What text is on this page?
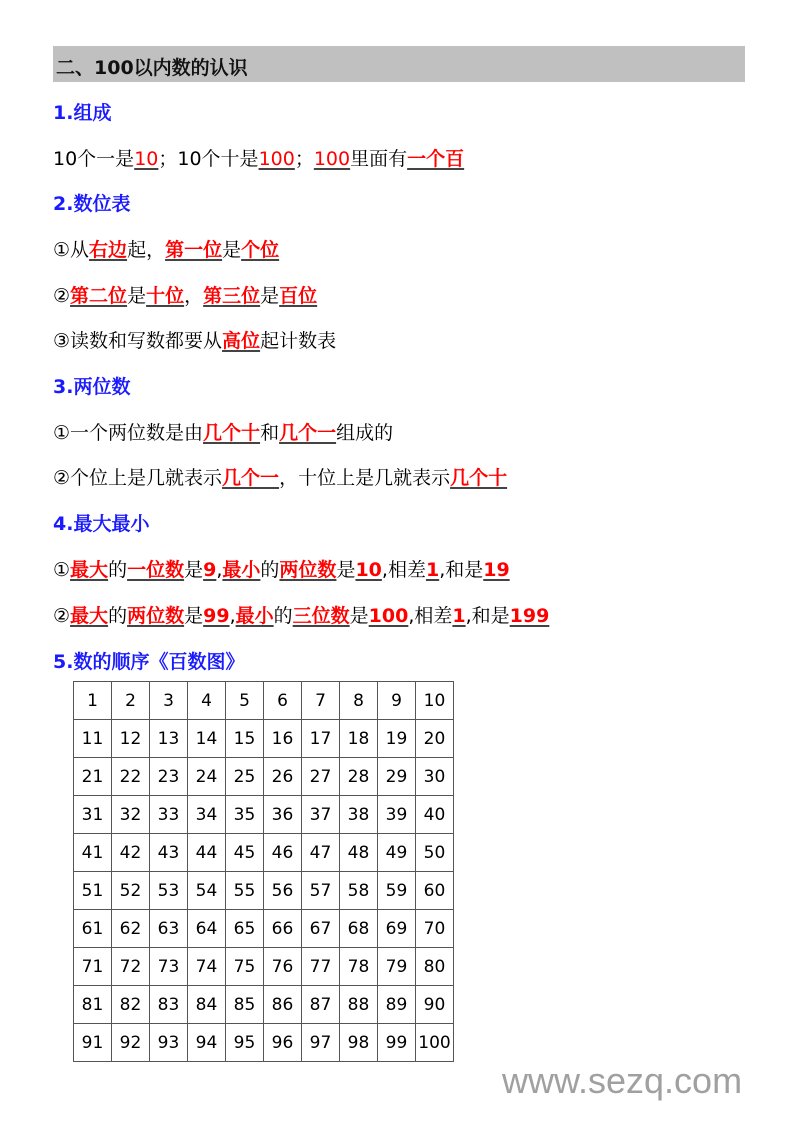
二、100以内数的认识
1.组成
10个一是10；10个十是100；100里面有一个百
2.数位表
①从右边起，第一位是个位
②第二位是十位，第三位是百位
③读数和写数都要从高位起计数表
3.两位数
①一个两位数是由几个十和几个一组成的
②个位上是几就表示几个一，十位上是几就表示几个十
4.最大最小
①最大的一位数是9,最小的两位数是10,相差1,和是19
②最大的两位数是99,最小的三位数是100,相差1,和是199
5.数的顺序《百数图》
1	2	3	4	5	6	7	8	9	10
11	12	13	14	15	16	17	18	19	20
21	22	23	24	25	26	27	28	29	30
31	32	33	34	35	36	37	38	39	40
41	42	43	44	45	46	47	48	49	50
51	52	53	54	55	56	57	58	59	60
61	62	63	64	65	66	67	68	69	70
71	72	73	74	75	76	77	78	79	80
81	82	83	84	85	86	87	88	89	90
91	92	93	94	95	96	97	98	99	100
www.sezq.com
